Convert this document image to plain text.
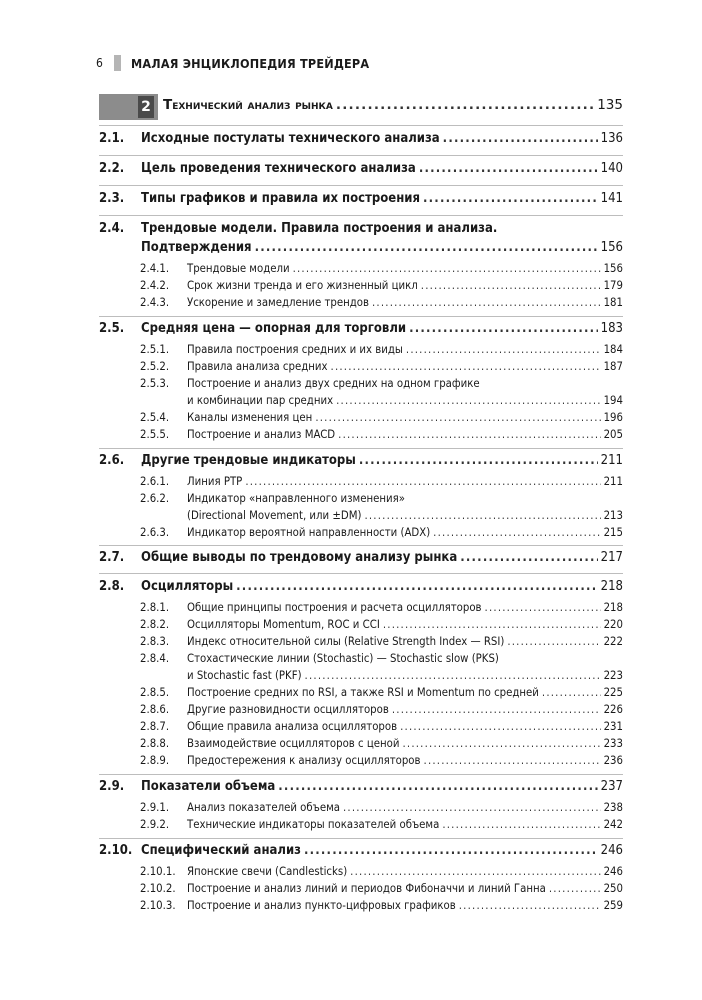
6	МАЛАЯ ЭНЦИКЛОПЕДИЯ ТРЕЙДЕРА
2 Технический анализ рынка .....	135
2.1. Исходные постулаты технического анализа .....	136
2.2. Цель проведения технического анализа .....	140
2.3. Типы графиков и правила их построения .....	141
2.4. Трендовые модели. Правила построения и анализа.
Подтверждения .....	156
2.4.1. Трендовые модели .....	156
2.4.2. Срок жизни тренда и его жизненный цикл .....	179
2.4.3. Ускорение и замедление трендов .....	181
2.5. Средняя цена — опорная для торговли .....	183
2.5.1. Правила построения средних и их виды .....	184
2.5.2. Правила анализа средних .....	187
2.5.3. Построение и анализ двух средних на одном графике
и комбинации пар средних .....	194
2.5.4. Каналы изменения цен .....	196
2.5.5. Построение и анализ MACD .....	205
2.6. Другие трендовые индикаторы .....	211
2.6.1. Линия PTP .....	211
2.6.2. Индикатор «направленного изменения»
(Directional Movement, или ±DM) .....	213
2.6.3. Индикатор вероятной направленности (ADX) .....	215
2.7. Общие выводы по трендовому анализу рынка .....	217
2.8. Осцилляторы .....	218
2.8.1. Общие принципы построения и расчета осцилляторов .....	218
2.8.2. Осцилляторы Momentum, ROC и CCI .....	220
2.8.3. Индекс относительной силы (Relative Strength Index — RSI) .....	222
2.8.4. Стохастические линии (Stochastic) — Stochastic slow (PKS)
и Stochastic fast (PKF) .....	223
2.8.5. Построение средних по RSI, а также RSI и Momentum по средней .....	225
2.8.6. Другие разновидности осцилляторов .....	226
2.8.7. Общие правила анализа осцилляторов .....	231
2.8.8. Взаимодействие осцилляторов с ценой .....	233
2.8.9. Предостережения к анализу осцилляторов .....	236
2.9. Показатели объема .....	237
2.9.1. Анализ показателей объема .....	238
2.9.2. Технические индикаторы показателей объема .....	242
2.10. Специфический анализ .....	246
2.10.1. Японские свечи (Candlesticks) .....	246
2.10.2. Построение и анализ линий и периодов Фибоначчи и линий Ганна .....	250
2.10.3. Построение и анализ пункто-цифровых графиков .....	259
